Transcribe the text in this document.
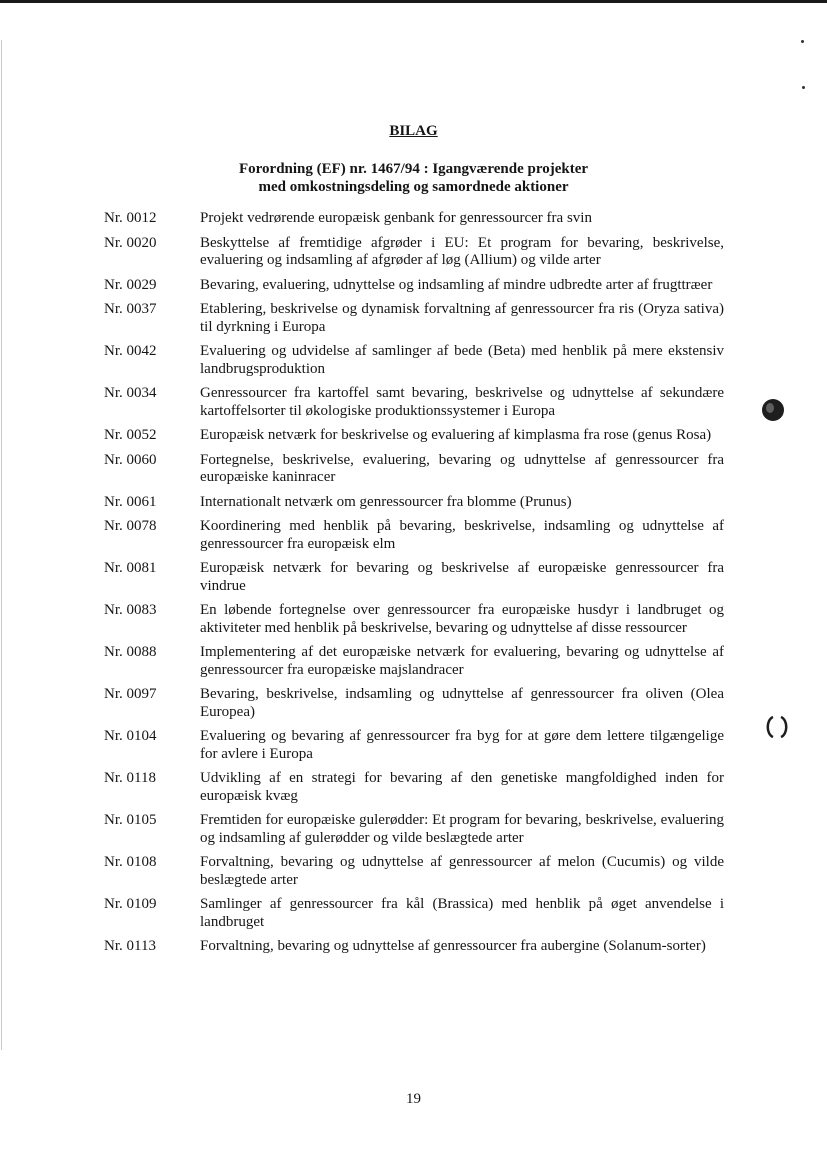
BILAG
Forordning (EF) nr. 1467/94 : Igangværende projekter
med omkostningsdeling og samordnede aktioner
Nr. 0012	Projekt vedrørende europæisk genbank for genressourcer fra svin
Nr. 0020	Beskyttelse af fremtidige afgrøder i EU: Et program for bevaring, beskrivelse, evaluering og indsamling af afgrøder af løg (Allium) og vilde arter
Nr. 0029	Bevaring, evaluering, udnyttelse og indsamling af mindre udbredte arter af frugttræer
Nr. 0037	Etablering, beskrivelse og dynamisk forvaltning af genressourcer fra ris (Oryza sativa) til dyrkning i Europa
Nr. 0042	Evaluering og udvidelse af samlinger af bede (Beta) med henblik på mere ekstensiv landbrugsproduktion
Nr. 0034	Genressourcer fra kartoffel samt bevaring, beskrivelse og udnyttelse af sekundære kartoffelsorter til økologiske produktionssystemer i Europa
Nr. 0052	Europæisk netværk for beskrivelse og evaluering af kimplasma fra rose (genus Rosa)
Nr. 0060	Fortegnelse, beskrivelse, evaluering, bevaring og udnyttelse af genressourcer fra europæiske kaninracer
Nr. 0061	Internationalt netværk om genressourcer fra blomme (Prunus)
Nr. 0078	Koordinering med henblik på bevaring, beskrivelse, indsamling og udnyttelse af genressourcer fra europæisk elm
Nr. 0081	Europæisk netværk for bevaring og beskrivelse af europæiske genressourcer fra vindrue
Nr. 0083	En løbende fortegnelse over genressourcer fra europæiske husdyr i landbruget og aktiviteter med henblik på beskrivelse, bevaring og udnyttelse af disse ressourcer
Nr. 0088	Implementering af det europæiske netværk for evaluering, bevaring og udnyttelse af genressourcer fra europæiske majslandracer
Nr. 0097	Bevaring, beskrivelse, indsamling og udnyttelse af genressourcer fra oliven (Olea Europea)
Nr. 0104	Evaluering og bevaring af genressourcer fra byg for at gøre dem lettere tilgængelige for avlere i Europa
Nr. 0118	Udvikling af en strategi for bevaring af den genetiske mangfoldighed inden for europæisk kvæg
Nr. 0105	Fremtiden for europæiske gulerødder: Et program for bevaring, beskrivelse, evaluering og indsamling af gulerødder og vilde beslægtede arter
Nr. 0108	Forvaltning, bevaring og udnyttelse af genressourcer af melon (Cucumis) og vilde beslægtede arter
Nr. 0109	Samlinger af genressourcer fra kål (Brassica) med henblik på øget anvendelse i landbruget
Nr. 0113	Forvaltning, bevaring og udnyttelse af genressourcer fra aubergine (Solanum-sorter)
19
